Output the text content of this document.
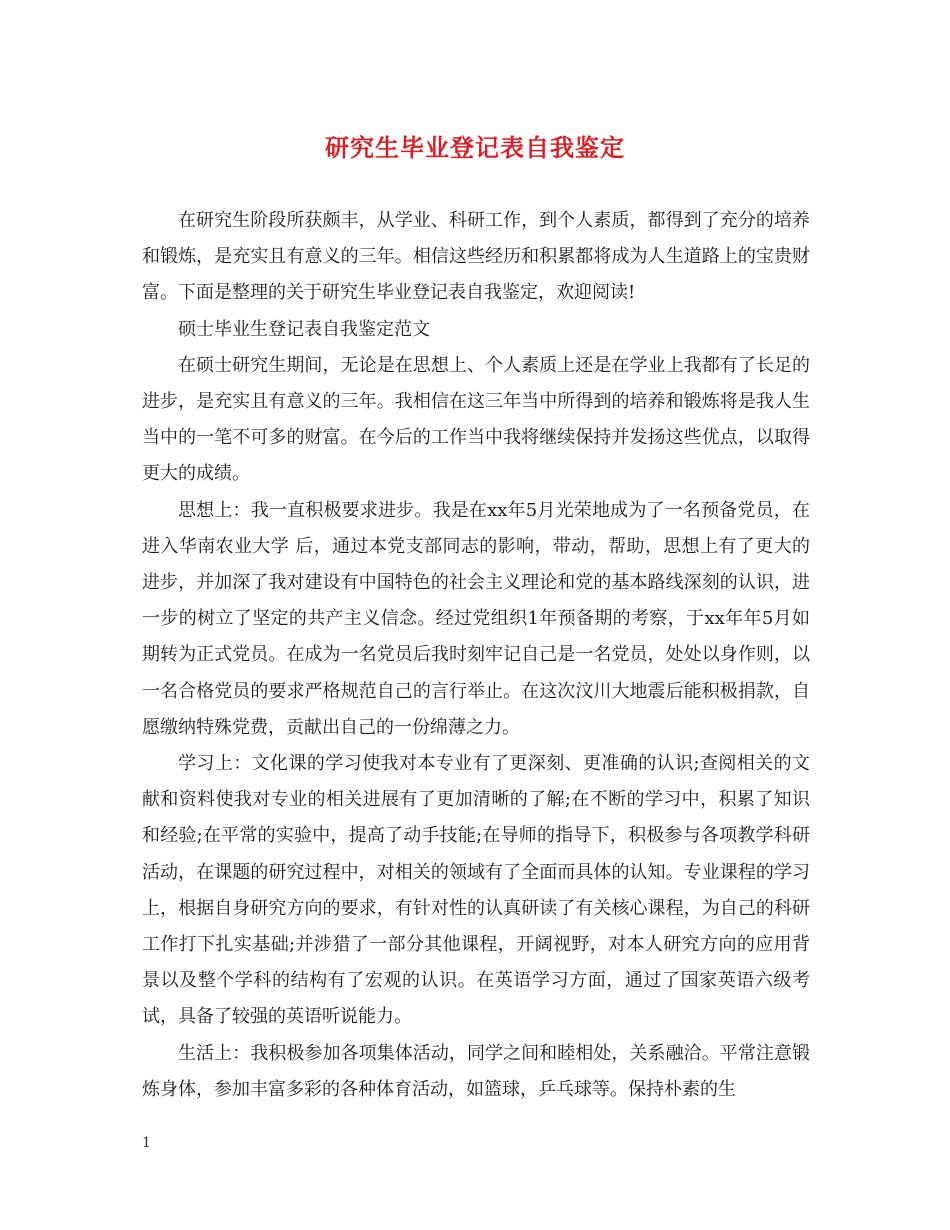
研究生毕业登记表自我鉴定

在研究生阶段所获颇丰，从学业、科研工作，到个人素质，都得到了充分的培养和锻炼，是充实且有意义的三年。相信这些经历和积累都将成为人生道路上的宝贵财富。下面是整理的关于研究生毕业登记表自我鉴定，欢迎阅读!

硕士毕业生登记表自我鉴定范文

在硕士研究生期间，无论是在思想上、个人素质上还是在学业上我都有了长足的进步，是充实且有意义的三年。我相信在这三年当中所得到的培养和锻炼将是我人生当中的一笔不可多的财富。在今后的工作当中我将继续保持并发扬这些优点，以取得更大的成绩。

思想上：我一直积极要求进步。我是在xx年5月光荣地成为了一名预备党员，在进入华南农业大学 后，通过本党支部同志的影响，带动，帮助，思想上有了更大的进步，并加深了我对建设有中国特色的社会主义理论和党的基本路线深刻的认识，进一步的树立了坚定的共产主义信念。经过党组织1年预备期的考察，于xx年年5月如期转为正式党员。在成为一名党员后我时刻牢记自己是一名党员，处处以身作则，以一名合格党员的要求严格规范自己的言行举止。在这次汶川大地震后能积极捐款，自愿缴纳特殊党费，贡献出自己的一份绵薄之力。

学习上：文化课的学习使我对本专业有了更深刻、更准确的认识;查阅相关的文献和资料使我对专业的相关进展有了更加清晰的了解;在不断的学习中，积累了知识和经验;在平常的实验中，提高了动手技能;在导师的指导下，积极参与各项教学科研活动，在课题的研究过程中，对相关的领域有了全面而具体的认知。专业课程的学习上，根据自身研究方向的要求，有针对性的认真研读了有关核心课程，为自己的科研工作打下扎实基础;并涉猎了一部分其他课程，开阔视野，对本人研究方向的应用背景以及整个学科的结构有了宏观的认识。在英语学习方面，通过了国家英语六级考试，具备了较强的英语听说能力。

生活上：我积极参加各项集体活动，同学之间和睦相处，关系融洽。平常注意锻炼身体，参加丰富多彩的各种体育活动，如篮球，乒乓球等。保持朴素的生

1
